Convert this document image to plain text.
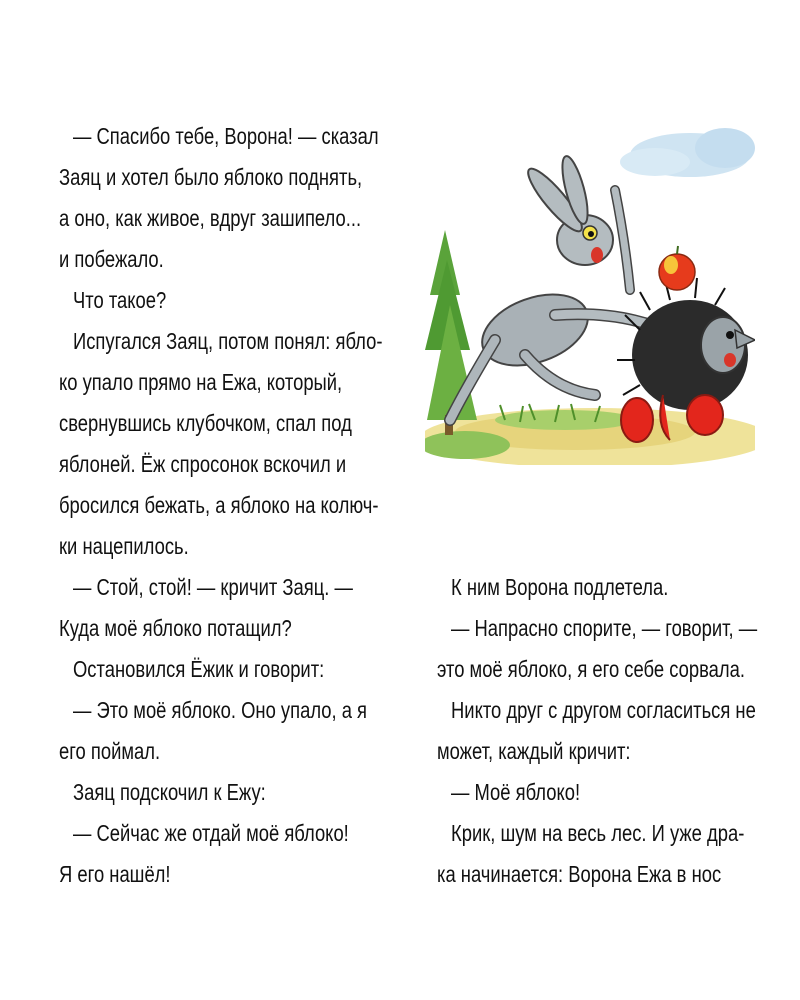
— Спасибо тебе, Ворона! — сказал
Заяц и хотел было яблоко поднять,
а оно, как живое, вдруг зашипело...
и побежало.
Что такое?
Испугался Заяц, потом понял: ябло-
ко упало прямо на Ежа, который,
свернувшись клубочком, спал под
яблоней. Ёж спросонок вскочил и
бросился бежать, а яблоко на колюч-
ки нацепилось.
— Стой, стой! — кричит Заяц. —
Куда моё яблоко потащил?
Остановился Ёжик и говорит:
— Это моё яблоко. Оно упало, а я
его поймал.
Заяц подскочил к Ежу:
— Сейчас же отдай моё яблоко!
Я его нашёл!
К ним Ворона подлетела.
— Напрасно спорите, — говорит, —
это моё яблоко, я его себе сорвала.
Никто друг с другом согласиться не
может, каждый кричит:
— Моё яблоко!
Крик, шум на весь лес. И уже дра-
ка начинается: Ворона Ежа в нос
